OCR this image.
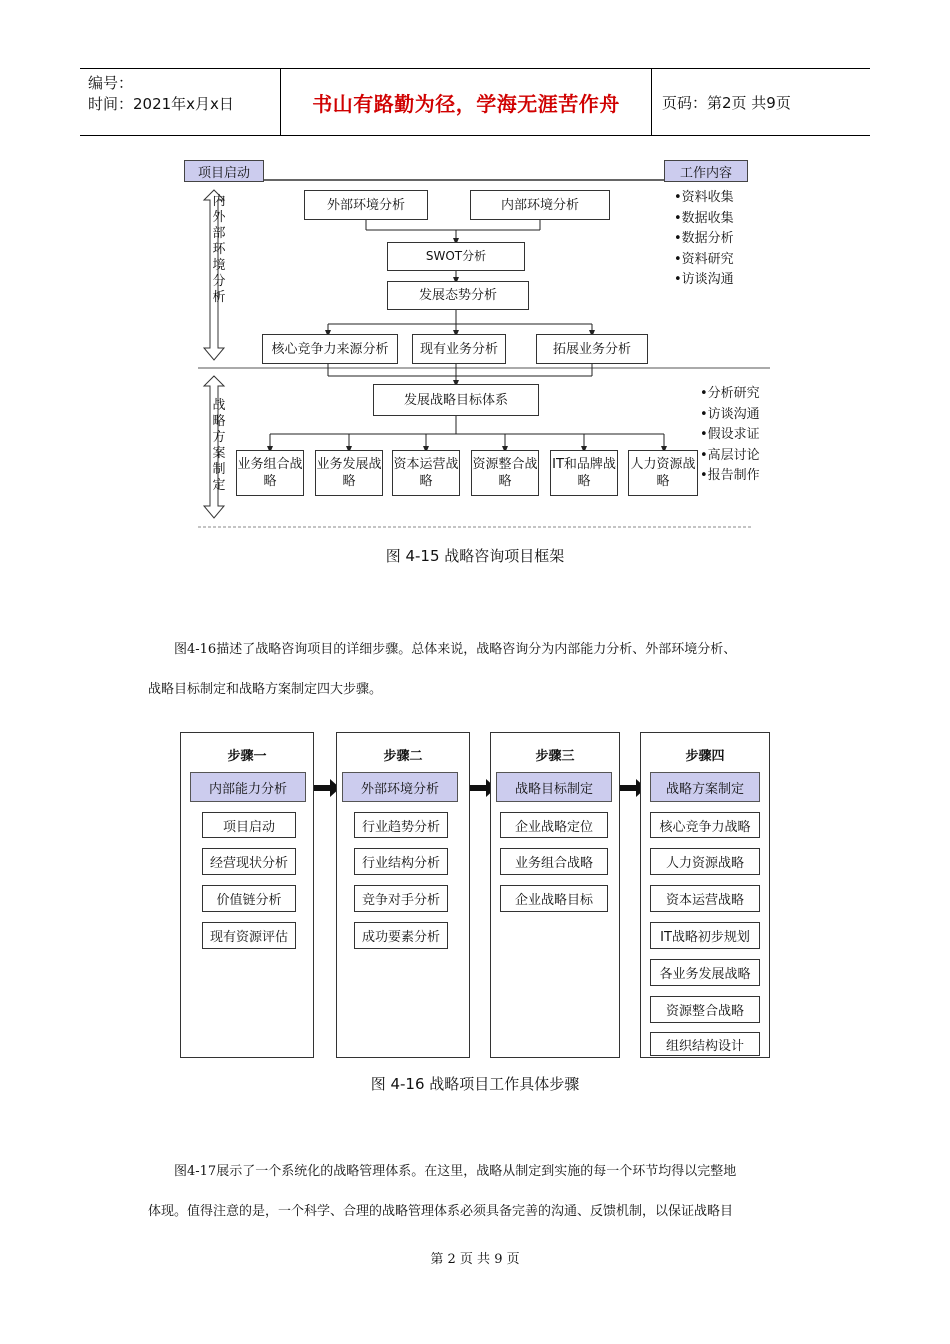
编号：
时间：2021年x月x日	书山有路勤为径，学海无涯苦作舟	页码：第2页 共9页
项目启动	工作内容
内外部环境分析
战略方案制定
外部环境分析	内部环境分析
SWOT分析
发展态势分析
核心竞争力来源分析	现有业务分析	拓展业务分析
发展战略目标体系
业务组合战略
业务发展战略
资本运营战略
资源整合战略
IT和品牌战略
人力资源战略
•资料收集
•数据收集
•数据分析
•资料研究
•访谈沟通
•分析研究
•访谈沟通
•假设求证
•高层讨论
•报告制作
图 4-15 战略咨询项目框架
图4-16描述了战略咨询项目的详细步骤。总体来说，战略咨询分为内部能力分析、外部环境分析、
战略目标制定和战略方案制定四大步骤。
步骤一
内部能力分析
项目启动
经营现状分析
价值链分析
现有资源评估
步骤二
外部环境分析
行业趋势分析
行业结构分析
竞争对手分析
成功要素分析
步骤三
战略目标制定
企业战略定位
业务组合战略
企业战略目标
步骤四
战略方案制定
核心竞争力战略
人力资源战略
资本运营战略
IT战略初步规划
各业务发展战略
资源整合战略
组织结构设计
图 4-16 战略项目工作具体步骤
图4-17展示了一个系统化的战略管理体系。在这里，战略从制定到实施的每一个环节均得以完整地
体现。值得注意的是，一个科学、合理的战略管理体系必须具备完善的沟通、反馈机制，以保证战略目
第 2 页 共 9 页
